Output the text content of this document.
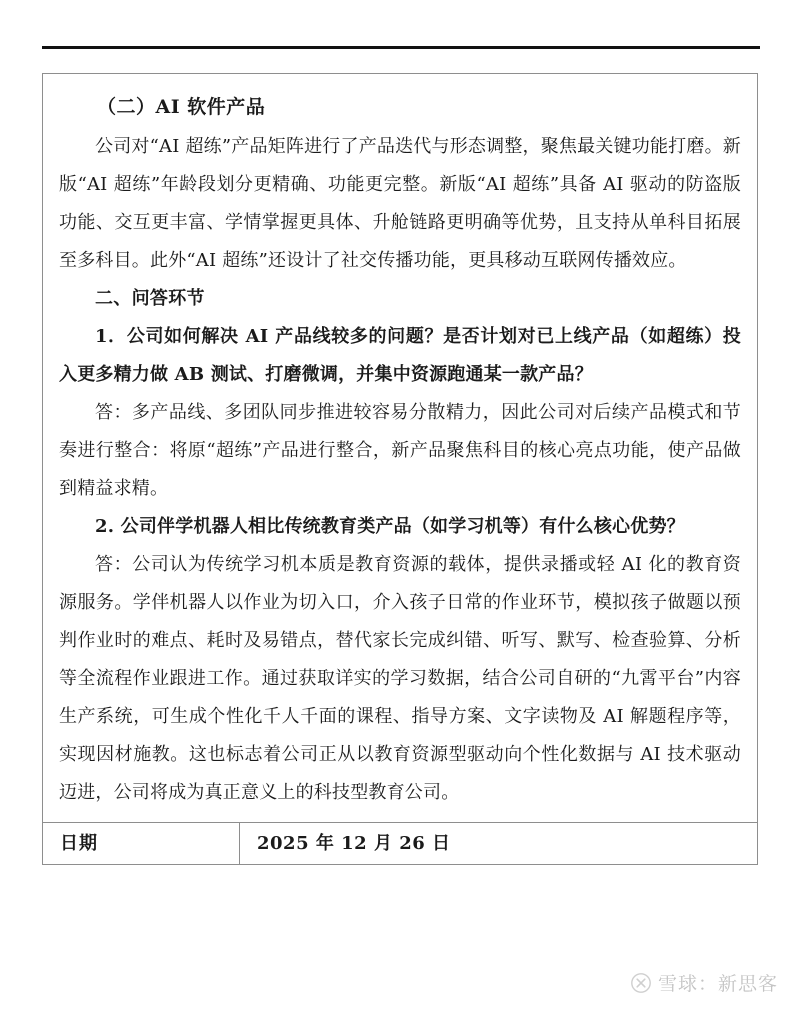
（二）AI 软件产品

公司对“AI 超练”产品矩阵进行了产品迭代与形态调整，聚焦最关键功能打磨。新版“AI 超练”年龄段划分更精确、功能更完整。新版“AI 超练”具备 AI 驱动的防盗版功能、交互更丰富、学情掌握更具体、升舱链路更明确等优势，且支持从单科目拓展至多科目。此外“AI 超练”还设计了社交传播功能，更具移动互联网传播效应。

二、问答环节

1．公司如何解决 AI 产品线较多的问题？是否计划对已上线产品（如超练）投入更多精力做 AB 测试、打磨微调，并集中资源跑通某一款产品？

答：多产品线、多团队同步推进较容易分散精力，因此公司对后续产品模式和节奏进行整合：将原“超练”产品进行整合，新产品聚焦科目的核心亮点功能，使产品做到精益求精。

2. 公司伴学机器人相比传统教育类产品（如学习机等）有什么核心优势？

答：公司认为传统学习机本质是教育资源的载体，提供录播或轻 AI 化的教育资源服务。学伴机器人以作业为切入口，介入孩子日常的作业环节，模拟孩子做题以预判作业时的难点、耗时及易错点，替代家长完成纠错、听写、默写、检查验算、分析等全流程作业跟进工作。通过获取详实的学习数据，结合公司自研的“九霄平台”内容生产系统，可生成个性化千人千面的课程、指导方案、文字读物及 AI 解题程序等，实现因材施教。这也标志着公司正从以教育资源型驱动向个性化数据与 AI 技术驱动迈进，公司将成为真正意义上的科技型教育公司。

日期	2025 年 12 月 26 日
雪球：新思客
